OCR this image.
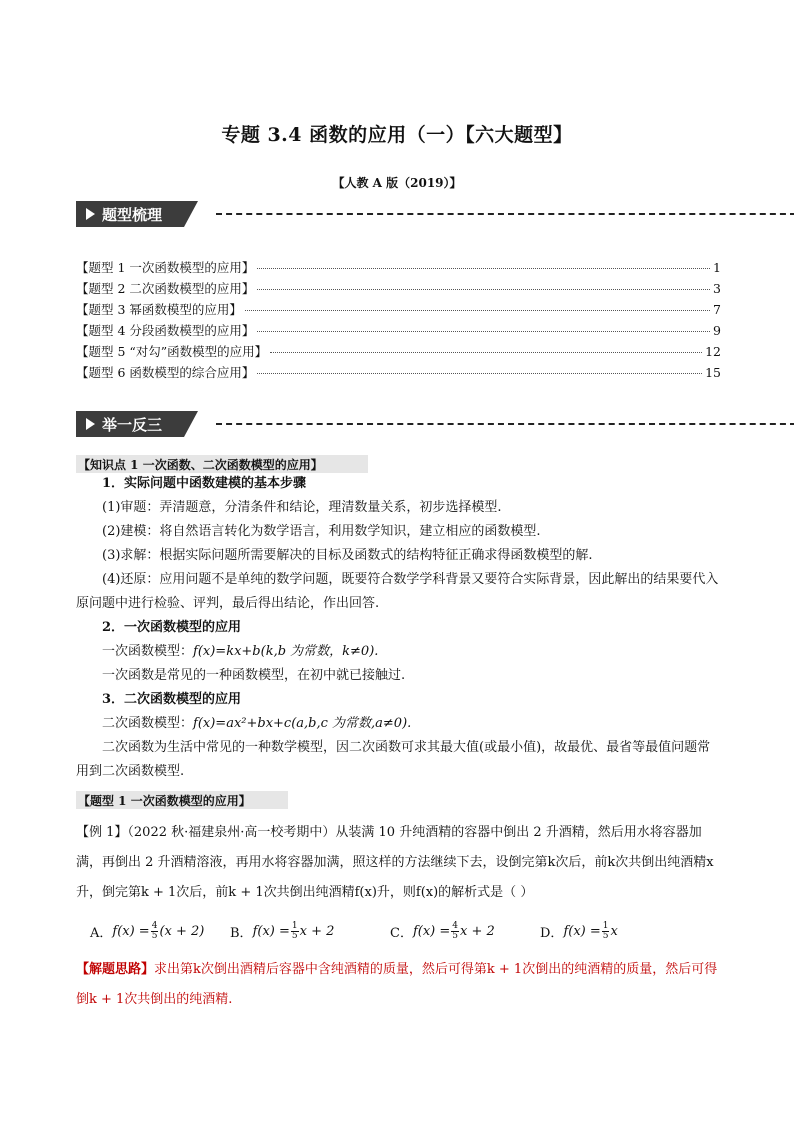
专题 3.4 函数的应用（一）【六大题型】
【人教 A 版（2019）】
题型梳理
【题型 1 一次函数模型的应用】	1
【题型 2 二次函数模型的应用】	3
【题型 3 幂函数模型的应用】	7
【题型 4 分段函数模型的应用】	9
【题型 5 “对勾”函数模型的应用】	12
【题型 6 函数模型的综合应用】	15
举一反三
【知识点 1 一次函数、二次函数模型的应用】

1．实际问题中函数建模的基本步骤

(1)审题：弄清题意，分清条件和结论，理清数量关系，初步选择模型.

(2)建模：将自然语言转化为数学语言，利用数学知识，建立相应的函数模型.

(3)求解：根据实际问题所需要解决的目标及函数式的结构特征正确求得函数模型的解.

(4)还原：应用问题不是单纯的数学问题，既要符合数学学科背景又要符合实际背景，因此解出的结果要代入原问题中进行检验、评判，最后得出结论，作出回答.

2．一次函数模型的应用

一次函数模型：f(x)=kx+b(k,b 为常数，k≠0).

一次函数是常见的一种函数模型，在初中就已接触过.

3．二次函数模型的应用

二次函数模型：f(x)=ax²+bx+c(a,b,c 为常数,a≠0).

二次函数为生活中常见的一种数学模型，因二次函数可求其最大值(或最小值)，故最优、最省等最值问题常用到二次函数模型.

【题型 1 一次函数模型的应用】
【例 1】（2022 秋·福建泉州·高一校考期中）从装满 10 升纯酒精的容器中倒出 2 升酒精，然后用水将容器加满，再倒出 2 升酒精溶液，再用水将容器加满，照这样的方法继续下去，设倒完第k次后，前k次共倒出纯酒精x升，倒完第k + 1次后，前k + 1次共倒出纯酒精f(x)升，则f(x)的解析式是（ ）
A． $f(x) = \frac{4}{5} (x + 2)$ B． $f(x) = \frac{1}{5}$ x + 2	C． $f(x) = \frac{4}{5}$ x + 2	D． $f(x) = \frac{1}{5}$ x
【解题思路】求出第k次倒出酒精后容器中含纯酒精的质量，然后可得第k + 1次倒出的纯酒精的质量，然后可得倒k + 1次共倒出的纯酒精.
